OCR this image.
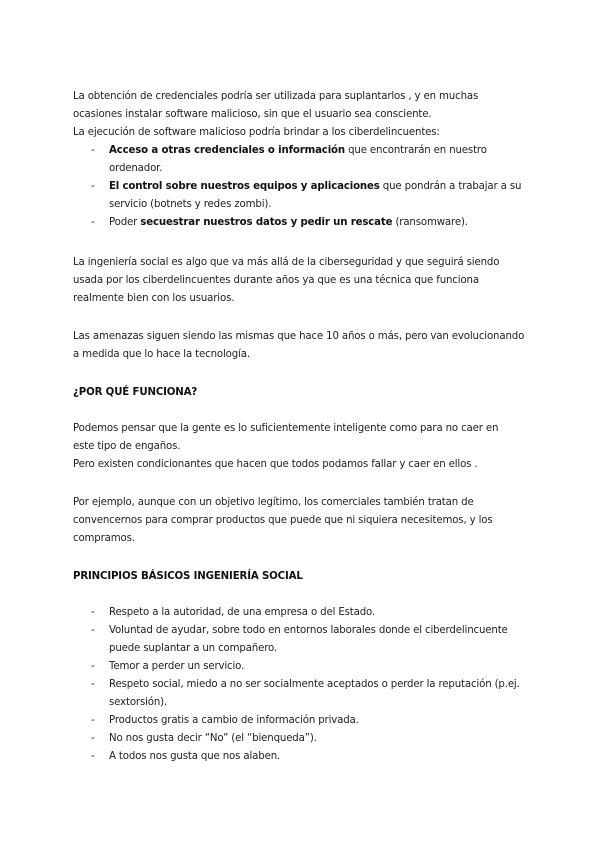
La obtención de credenciales podría ser utilizada para suplantarlos , y en muchas
ocasiones instalar software malicioso, sin que el usuario sea consciente.
La ejecución de software malicioso podría brindar a los ciberdelincuentes:
- Acceso a otras credenciales o información que encontrarán en nuestro
ordenador.
- El control sobre nuestros equipos y aplicaciones que pondrán a trabajar a su
servicio (botnets y redes zombi).
- Poder secuestrar nuestros datos y pedir un rescate (ransomware).
La ingeniería social es algo que va más allá de la ciberseguridad y que seguirá siendo
usada por los ciberdelincuentes durante años ya que es una técnica que funciona
realmente bien con los usuarios.
Las amenazas siguen siendo las mismas que hace 10 años o más, pero van evolucionando
a medida que lo hace la tecnología.
¿POR QUÉ FUNCIONA?
Podemos pensar que la gente es lo suficientemente inteligente como para no caer en
este tipo de engaños.
Pero existen condicionantes que hacen que todos podamos fallar y caer en ellos .
Por ejemplo, aunque con un objetivo legítimo, los comerciales también tratan de
convencernos para comprar productos que puede que ni siquiera necesitemos, y los
compramos.
PRINCIPIOS BÁSICOS INGENIERÍA SOCIAL
- Respeto a la autoridad, de una empresa o del Estado.
- Voluntad de ayudar, sobre todo en entornos laborales donde el ciberdelincuente
puede suplantar a un compañero.
- Temor a perder un servicio.
- Respeto social, miedo a no ser socialmente aceptados o perder la reputación (p.ej.
sextorsión).
- Productos gratis a cambio de información privada.
- No nos gusta decir “No” (el “bienqueda”).
- A todos nos gusta que nos alaben.
